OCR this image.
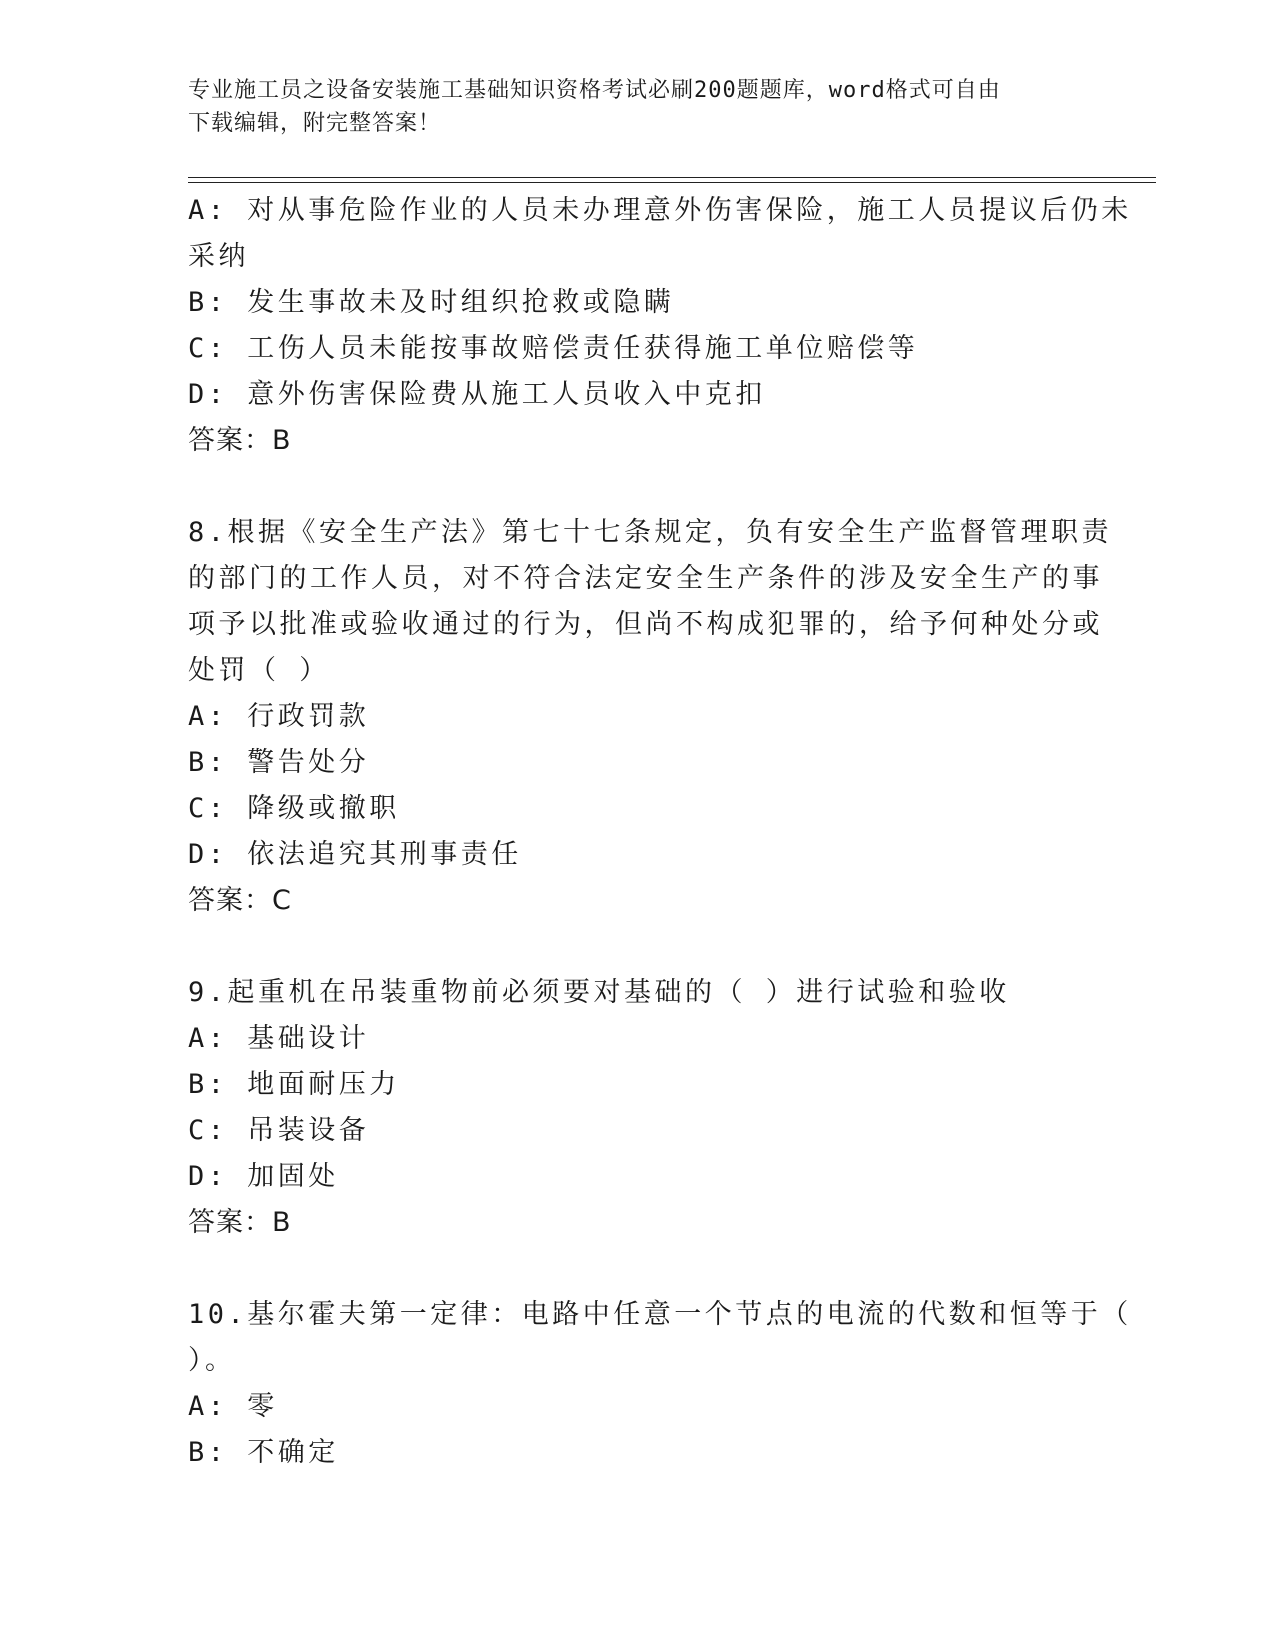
专业施工员之设备安装施工基础知识资格考试必刷200题题库，word格式可自由
下载编辑，附完整答案！
A: 对从事危险作业的人员未办理意外伤害保险，施工人员提议后仍未
采纳
B: 发生事故未及时组织抢救或隐瞒
C: 工伤人员未能按事故赔偿责任获得施工单位赔偿等
D: 意外伤害保险费从施工人员收入中克扣
答案：B
8.根据《安全生产法》第七十七条规定，负有安全生产监督管理职责
的部门的工作人员，对不符合法定安全生产条件的涉及安全生产的事
项予以批准或验收通过的行为，但尚不构成犯罪的，给予何种处分或
处罚（ ）
A: 行政罚款
B: 警告处分
C: 降级或撤职
D: 依法追究其刑事责任
答案：C
9.起重机在吊装重物前必须要对基础的（ ）进行试验和验收
A: 基础设计
B: 地面耐压力
C: 吊装设备
D: 加固处
答案：B
10.基尔霍夫第一定律：电路中任意一个节点的电流的代数和恒等于（
）。
A: 零
B: 不确定
